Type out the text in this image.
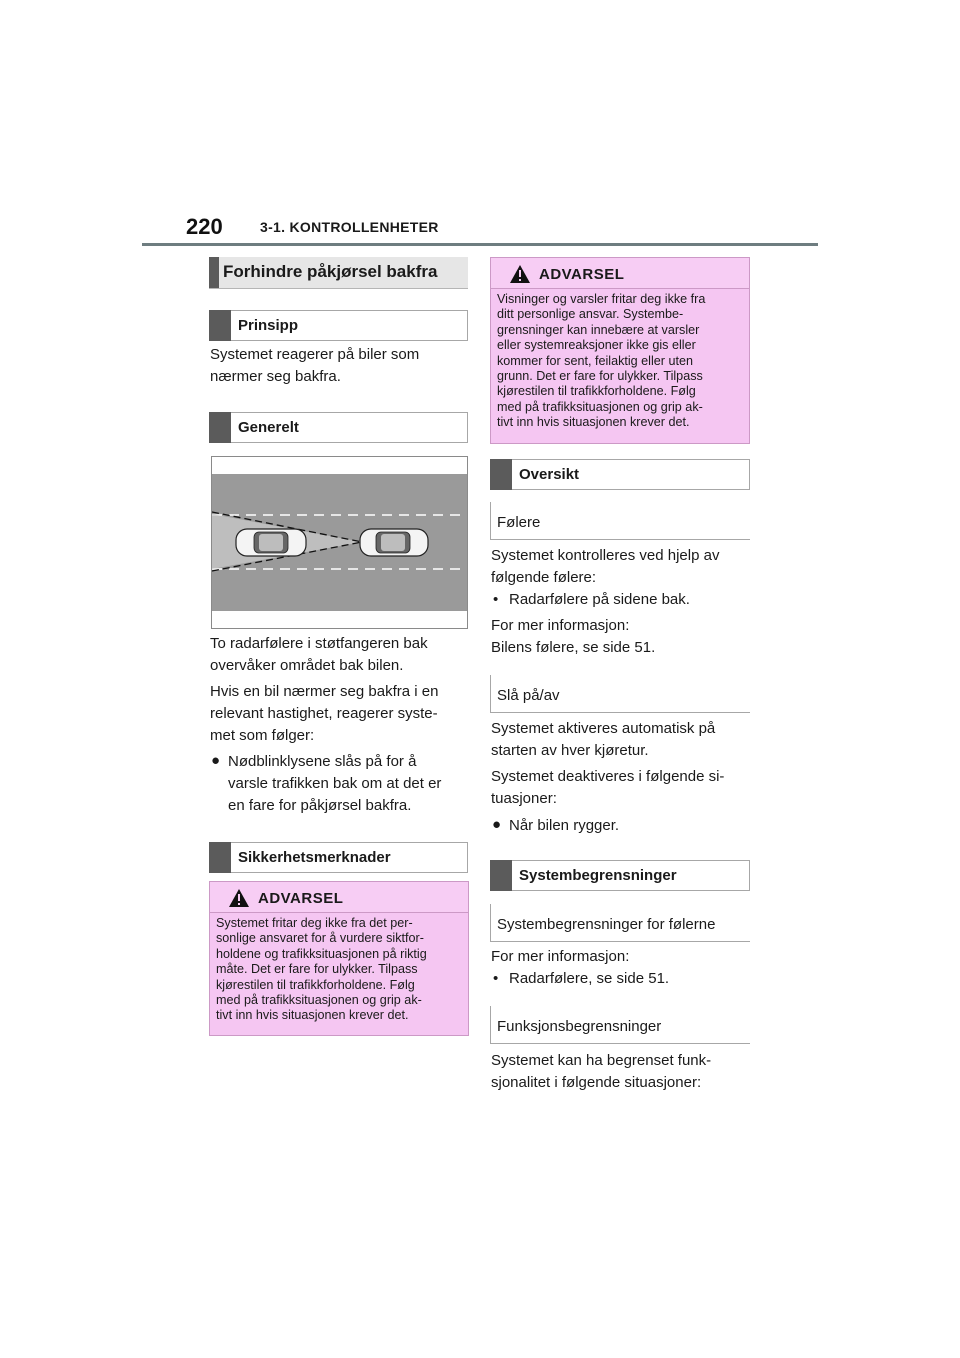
220	3-1. KONTROLLENHETER
Forhindre påkjørsel bakfra
Prinsipp
Systemet reagerer på biler som
nærmer seg bakfra.
Generelt
To radarfølere i støtfangeren bak
overvåker området bak bilen.
Hvis en bil nærmer seg bakfra i en
relevant hastighet, reagerer syste-
met som følger:
● Nødblinklysene slås på for å
varsle trafikken bak om at det er
en fare for påkjørsel bakfra.
Sikkerhetsmerknader
ADVARSEL
Systemet fritar deg ikke fra det per-
sonlige ansvaret for å vurdere siktfor-
holdene og trafikksituasjonen på riktig
måte. Det er fare for ulykker. Tilpass
kjørestilen til trafikkforholdene. Følg
med på trafikksituasjonen og grip ak-
tivt inn hvis situasjonen krever det.
ADVARSEL
Visninger og varsler fritar deg ikke fra
ditt personlige ansvar. Systembe-
grensninger kan innebære at varsler
eller systemreaksjoner ikke gis eller
kommer for sent, feilaktig eller uten
grunn. Det er fare for ulykker. Tilpass
kjørestilen til trafikkforholdene. Følg
med på trafikksituasjonen og grip ak-
tivt inn hvis situasjonen krever det.
Oversikt
Følere
Systemet kontrolleres ved hjelp av
følgende følere:
• Radarfølere på sidene bak.
For mer informasjon:
Bilens følere, se side 51.
Slå på/av
Systemet aktiveres automatisk på
starten av hver kjøretur.
Systemet deaktiveres i følgende si-
tuasjoner:
● Når bilen rygger.
Systembegrensninger
Systembegrensninger for følerne
For mer informasjon:
• Radarfølere, se side 51.
Funksjonsbegrensninger
Systemet kan ha begrenset funk-
sjonalitet i følgende situasjoner:
